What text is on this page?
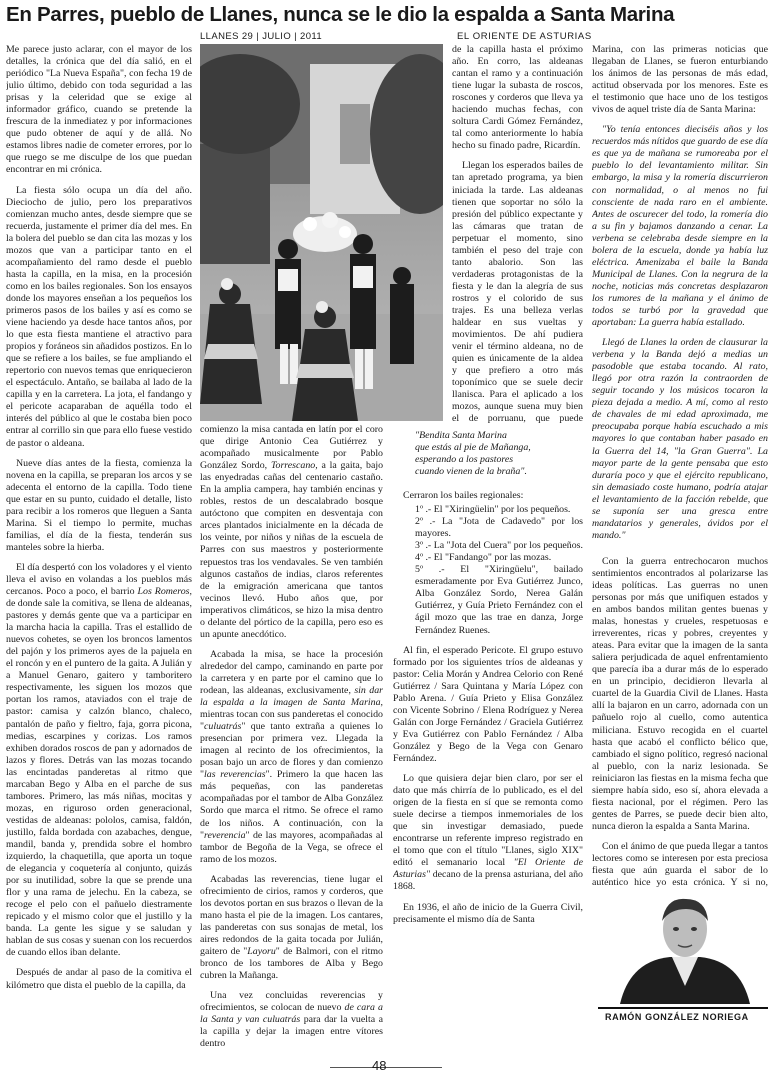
En Parres, pueblo de Llanes, nunca se le dio la espalda a Santa Marina
LLANES 29 | JULIO | 2011	EL ORIENTE DE ASTURIAS

Me parece justo aclarar, con el mayor de los detalles, la crónica que del día salió, en el periódico "La Nueva España", con fecha 19 de julio último, debido con toda seguridad a las prisas y la celeridad que se exige al informador gráfico, cuando se pretende la frescura de la inmediatez y por informaciones que pudo obtener de aquí y de allá. No estamos libres nadie de cometer errores, por lo que ruego se me disculpe de los que puedan encontrar en mi crónica.

La fiesta sólo ocupa un día del año. Dieciocho de julio, pero los preparativos comienzan mucho antes, desde siempre que se recuerda, justamente el primer día del mes. En la bolera del pueblo se dan cita las mozas y los mozos que van a participar tanto en el acompañamiento del ramo desde el pueblo hasta la capilla, en la misa, en la procesión como en los bailes regionales. Son los ensayos donde los mayores enseñan a los pequeños los primeros pasos de los bailes y así es como se viene haciendo ya desde hace tantos años, por lo que esta fiesta mantiene el atractivo para propios y foráneos sin añadidos postizos. En lo que se refiere a los bailes, se fue ampliando el repertorio con nuevos temas que enriquecieron el espectáculo. Antaño, se bailaba al lado de la capilla y en la carretera. La jota, el fandango y el pericote acaparaban de aquélla todo el interés del público al que le costaba bien poco entrar al corrillo sin que para ello fuese vestido de pastor o aldeana.

Nueve días antes de la fiesta, comienza la novena en la capilla, se preparan los arcos y se adecenta el entorno de la capilla. Todo tiene que estar en su punto, cuidado el detalle, listo para recibir a los romeros que lleguen a Santa Marina. Si el tiempo lo permite, muchas familias, el día de la fiesta, tenderán sus manteles sobre la hierba.

El día despertó con los voladores y el viento lleva el aviso en volandas a los pueblos más cercanos. Poco a poco, el barrio Los Romeros, de donde sale la comitiva, se llena de aldeanas, pastores y demás gente que va a participar en la marcha hacia la capilla. Tras el estallido de nuevos cohetes, se oyen los broncos lamentos del pajón y los primeros ayes de la pajuela en el roncón y en el puntero de la gaita. A Julián y a Manuel Genaro, gaitero y tamboritero respectivamente, les siguen los mozos que portan los ramos, ataviados con el traje de pastor: camisa y calzón blanco, chaleco, pantalón de paño y fieltro, faja, gorra picona, medias, escarpines y corizas. Los ramos exhiben dorados roscos de pan y adornados de lazos y flores. Detrás van las mozas tocando las encintadas panderetas al ritmo que marcaban Bego y Alba en el parche de sus tambores. Primero, las más niñas, mocitas y mozas, en riguroso orden generacional, vestidas de aldeanas: pololos, camisa, faldón, justillo, falda bordada con azabaches, dengue, mandil, banda y, prendida sobre el hombro izquierdo, la chaquetilla, que aporta un toque de elegancia y coquetería al conjunto, quizás por su inutilidad, sobre la que se prende una flor y una rama de jelechu. En la cabeza, se recoge el pelo con el pañuelo diestramente repicado y el mismo color que el justillo y la banda. La gente les sigue y se saludan y hablan de sus cosas y suenan con los recuerdos de cuando ellos iban delante.

Después de andar al paso de la comitiva el kilómetro que dista el pueblo de la capilla, da

de la capilla hasta el próximo año. En corro, las aldeanas cantan el ramo y a continuación tiene lugar la subasta de roscos, roscones y corderos que lleva ya haciendo muchas fechas, con soltura Cardi Gómez Fernández, tal como anteriormente lo había hecho su finado padre, Ricardín.

Llegan los esperados bailes de tan apretado programa, ya bien iniciada la tarde. Las aldeanas tienen que soportar no sólo la presión del público expectante y las cámaras que tratan de perpetuar el momento, sino también el peso del traje con tanto abalorio. Son las verdaderas protagonistas de la fiesta y le dan la alegría de sus rostros y el colorido de sus trajes. Es una belleza verlas haldear en sus vueltas y movimientos. De ahí pudiera venir el término aldeana, no de quien es únicamente de la aldea y que prefiero a otro más toponímico que se suele decir llanisca. Para el aplicado a los mozos, aunque suena muy bien el de porruanu, que puede

comienzo la misa cantada en latín por el coro que dirige Antonio Cea Gutiérrez y acompañado musicalmente por Pablo González Sordo, Torrescano, a la gaita, bajo las enyedradas cañas del centenario castaño. En la amplia campera, hay también encinas y robles, restos de un descalabrado bosque autóctono que compiten en desventaja con arces plantados inicialmente en la década de los veinte, por niños y niñas de la escuela de Parres con sus maestros y posteriormente repuestos tras los vendavales. Se ven también algunos castaños de indias, claros referentes de la emigración americana que tantos vecinos llevó. Hubo años que, por imperativos climáticos, se hizo la misa dentro o delante del pórtico de la capilla, pero eso es un apunte anecdótico.

Acabada la misa, se hace la procesión alrededor del campo, caminando en parte por la carretera y en parte por el camino que lo rodean, las aldeanas, exclusivamente, sin dar la espalda a la imagen de Santa Marina, mientras tocan con sus panderetas el conocido "culuatrás" que tanto extraña a quienes lo presencian por primera vez. Llegada la imagen al recinto de los ofrecimientos, la posan bajo un arco de flores y dan comienzo "las reverencias". Primero la que hacen las más pequeñas, con las panderetas acompañadas por el tambor de Alba González Sordo que marca el ritmo. Se ofrece el ramo de los niños. A continuación, con la "reverencia" de las mayores, acompañadas al tambor de Begoña de la Vega, se ofrece el ramo de los mozos.

Acabadas las reverencias, tiene lugar el ofrecimiento de cirios, ramos y corderos, que los devotos portan en sus brazos o llevan de la mano hasta el pie de la imagen. Los cantares, las panderetas con sus sonajas de metal, los aires redondos de la gaita tocada por Julián, gaitero de "Layoru" de Balmori, con el ritmo bronco de los tambores de Alba y Bego cubren la Mañanga.

Una vez concluidas reverencias y ofrecimientos, se colocan de nuevo de cara a la Santa y van culuatrás para dar la vuelta a la capilla y dejar la imagen entre vítores dentro

"Bendita Santa Marina
que estás al pie de Mañanga,
esperando a los pastores
cuando vienen de la braña".

Cerraron los bailes regionales:

1º .- El "Xiringüelin" por los pequeños.
2º .- La "Jota de Cadavedo" por los mayores.
3º .- La "Jota del Cuera" por los pequeños.
4º .- El "Fandango" por las mozas.
5º .- El "Xiringüelu", bailado esmeradamente por Eva Gutiérrez Junco, Alba González Sordo, Nerea Galán Gutiérrez, y Guía Prieto Fernández con el ágil mozo que las trae en danza, Jorge Fernández Ruenes.

Al fin, el esperado Pericote. El grupo estuvo formado por los siguientes tríos de aldeanas y pastor: Celia Morán y Andrea Celorio con René Gutiérrez / Sara Quintana y María López con Pablo Arena. / Guía Prieto y Elisa González con Vicente Sobrino / Elena Rodríguez y Nerea Galán con Jorge Fernández / Graciela Gutiérrez y Eva Gutiérrez con Pablo Fernández / Alba González y Bego de la Vega con Genaro Fernández.

Lo que quisiera dejar bien claro, por ser el dato que más chirría de lo publicado, es el del origen de la fiesta en sí que se remonta como suele decirse a tiempos inmemoriales de los que sin investigar demasiado, puede encontrarse un referente impreso registrado en el tomo que con el título "Llanes, siglo XIX" editó el semanario local "El Oriente de Asturias" decano de la prensa asturiana, del año 1868.

En 1936, el año de inicio de la Guerra Civil, precisamente el mismo día de Santa

Marina, con las primeras noticias que llegaban de Llanes, se fueron enturbiando los ánimos de las personas de más edad, actitud observada por los menores. Este es el testimonio que hace uno de los testigos vivos de aquel triste día de Santa Marina:

"Yo tenía entonces dieciséis años y los recuerdos más nítidos que guardo de ese día es que ya de mañana se rumoreaba por el pueblo lo del levantamiento militar. Sin embargo, la misa y la romería discurrieron con normalidad, o al menos no fui consciente de nada raro en el ambiente. Antes de oscurecer del todo, la romería dio a su fin y bajamos danzando a cenar. La verbena se celebraba desde siempre en la bolera de la escuela, donde ya había luz eléctrica. Amenizaba el baile la Banda Municipal de Llanes. Con la negrura de la noche, noticias más concretas desplazaron los rumores de la mañana y el ánimo de todos se turbó por la gravedad que aportaban: La guerra había estallado.

Llegó de Llanes la orden de clausurar la verbena y la Banda dejó a medias un pasodoble que estaba tocando. Al rato, llegó por otra razón la contraorden de seguir tocando y los músicos tocaron la pieza dejada a medio. A mí, como al resto de chavales de mi edad aproximada, me preocupaba porque había escuchado a mis mayores lo que contaban haber pasado en la Guerra del 14, "la Gran Guerra". La mayor parte de la gente pensaba que esto duraría poco y que el ejército republicano, sin demasiado coste humano, podría atajar el levantamiento de la facción rebelde, que se suponía ser una gresca entre mandatarios y generales, ávidos por el mando."

Con la guerra entrechocaron muchos sentimientos encontrados al polarizarse las ideas políticas. Las guerras no unen personas por más que unifiquen estados y en ambos bandos militan gentes buenas y malas, honestas y crueles, respetuosas e irreverentes, ricas y pobres, creyentes y ateas. Para evitar que la imagen de la santa saliera perjudicada de aquel enfrentamiento que parecía iba a durar más de lo esperado en un principio, decidieron llevarla al cuartel de la Guardia Civil de Llanes. Hasta allí la bajaron en un carro, adornada con un pañuelo rojo al cuello, como autentica miliciana. Estuvo recogida en el cuartel hasta que acabó el conflicto bélico que, cambiado el signo político, regresó nacional al pueblo, con la nariz lesionada. Se reiniciaron las fiestas en la misma fecha que siempre había sido, eso sí, ahora elevada a fiesta nacional, por el régimen. Pero las gentes de Parres, se puede decir bien alto, nunca dieron la espalda a Santa Marina.

Con el ánimo de que pueda llegar a tantos lectores como se interesen por esta preciosa fiesta que aún guarda el sabor de lo auténtico hice yo esta crónica. Y si no,

RAMÓN GONZÁLEZ NORIEGA
48
